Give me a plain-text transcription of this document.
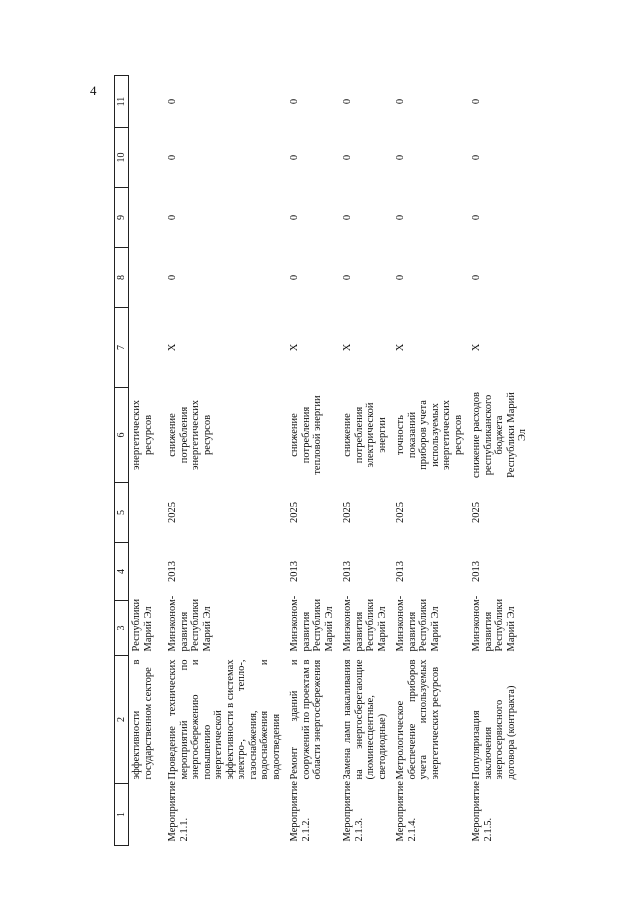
4
1	2	3	4	5	6	7	8	9	10	11
	эффективности в государственном секторе	Республики Марий Эл			энергетических ресурсов					
Мероприятие 2.1.1.	Проведение технических мероприятий по энергосбережению и повышению энергетической эффективности в системах электро-, тепло-, газоснабжения, водоснабжения и водоотведения	Минэконом-развития Республики Марий Эл	2013	2025	снижение потребления энергетических ресурсов	X	0	0	0	0
Мероприятие 2.1.2.	Ремонт зданий и сооружений по проектам в области энергосбережения	Минэконом-развития Республики Марий Эл	2013	2025	снижение потребления тепловой энергии	X	0	0	0	0
Мероприятие 2.1.3.	Замена ламп накаливания на энергосберегающие (люминесцентные, светодиодные)	Минэконом-развития Республики Марий Эл	2013	2025	снижение потребления электрической энергии	X	0	0	0	0
Мероприятие 2.1.4.	Метрологическое обеспечение приборов учета используемых энергетических ресурсов	Минэконом-развития Республики Марий Эл	2013	2025	точность показаний приборов учета используемых энергетических ресурсов	X	0	0	0	0
Мероприятие 2.1.5.	Популяризация заключения энергосервисного договора (контракта)	Минэконом-развития Республики Марий Эл	2013	2025	снижение расходов республиканского бюджета Республики Марий Эл	X	0	0	0	0
